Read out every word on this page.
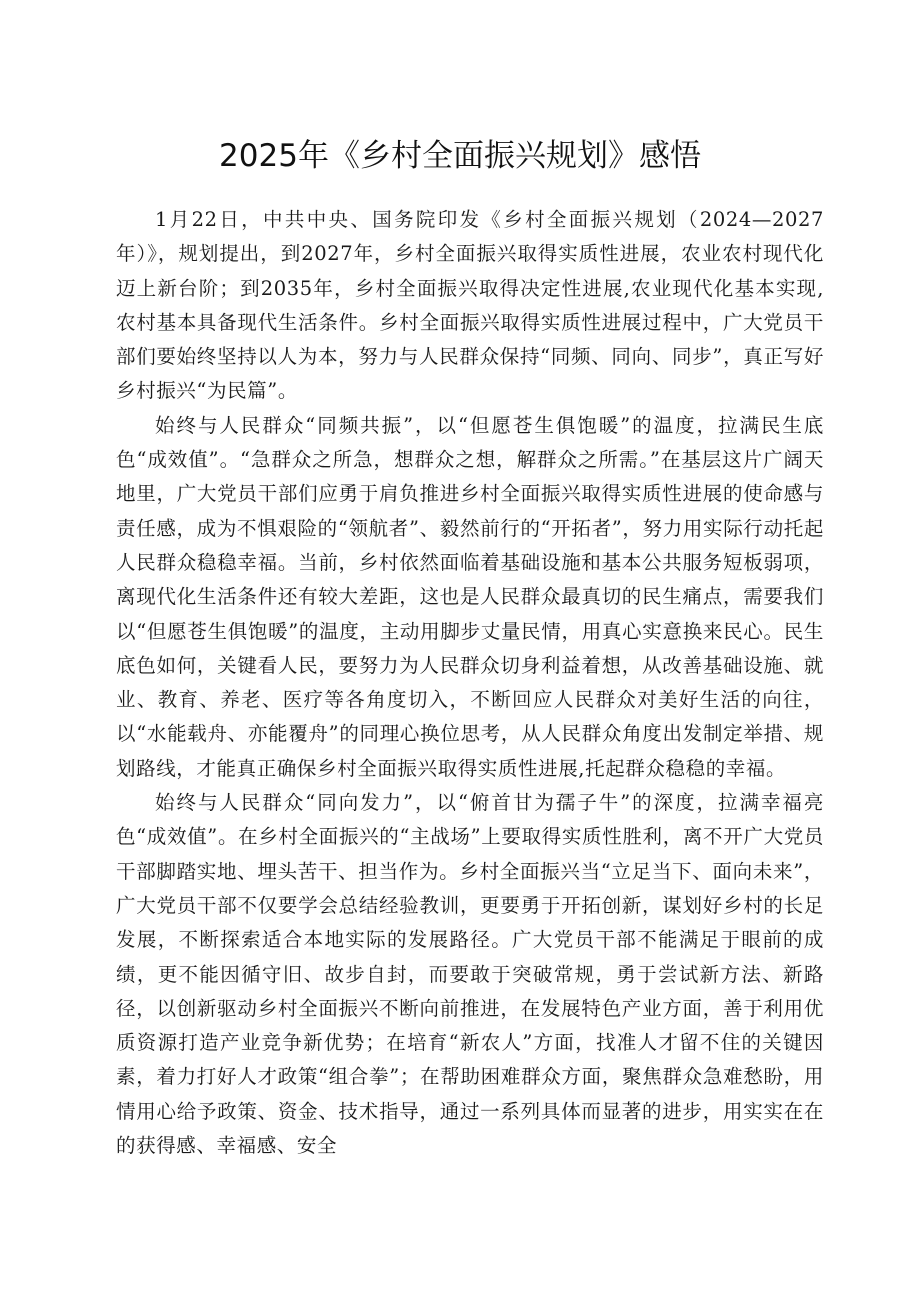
2025年《乡村全面振兴规划》感悟

1月22日，中共中央、国务院印发《乡村全面振兴规划（2024—2027年）》，规划提出，到2027年，乡村全面振兴取得实质性进展，农业农村现代化迈上新台阶；到2035年，乡村全面振兴取得决定性进展,农业现代化基本实现,农村基本具备现代生活条件。乡村全面振兴取得实质性进展过程中，广大党员干部们要始终坚持以人为本，努力与人民群众保持“同频、同向、同步”，真正写好乡村振兴“为民篇”。

始终与人民群众“同频共振”，以“但愿苍生俱饱暖”的温度，拉满民生底色“成效值”。“急群众之所急，想群众之想，解群众之所需。”在基层这片广阔天地里，广大党员干部们应勇于肩负推进乡村全面振兴取得实质性进展的使命感与责任感，成为不惧艰险的“领航者”、毅然前行的“开拓者”，努力用实际行动托起人民群众稳稳幸福。当前，乡村依然面临着基础设施和基本公共服务短板弱项，离现代化生活条件还有较大差距，这也是人民群众最真切的民生痛点，需要我们以“但愿苍生俱饱暖”的温度，主动用脚步丈量民情，用真心实意换来民心。民生底色如何，关键看人民，要努力为人民群众切身利益着想，从改善基础设施、就业、教育、养老、医疗等各角度切入，不断回应人民群众对美好生活的向往，以“水能载舟、亦能覆舟”的同理心换位思考，从人民群众角度出发制定举措、规划路线，才能真正确保乡村全面振兴取得实质性进展,托起群众稳稳的幸福。

始终与人民群众“同向发力”，以“俯首甘为孺子牛”的深度，拉满幸福亮色“成效值”。在乡村全面振兴的“主战场”上要取得实质性胜利，离不开广大党员干部脚踏实地、埋头苦干、担当作为。乡村全面振兴当“立足当下、面向未来”，广大党员干部不仅要学会总结经验教训，更要勇于开拓创新，谋划好乡村的长足发展，不断探索适合本地实际的发展路径。广大党员干部不能满足于眼前的成绩，更不能因循守旧、故步自封，而要敢于突破常规，勇于尝试新方法、新路径，以创新驱动乡村全面振兴不断向前推进，在发展特色产业方面，善于利用优质资源打造产业竞争新优势；在培育“新农人”方面，找准人才留不住的关键因素，着力打好人才政策“组合拳”；在帮助困难群众方面，聚焦群众急难愁盼，用情用心给予政策、资金、技术指导，通过一系列具体而显著的进步，用实实在在的获得感、幸福感、安全
